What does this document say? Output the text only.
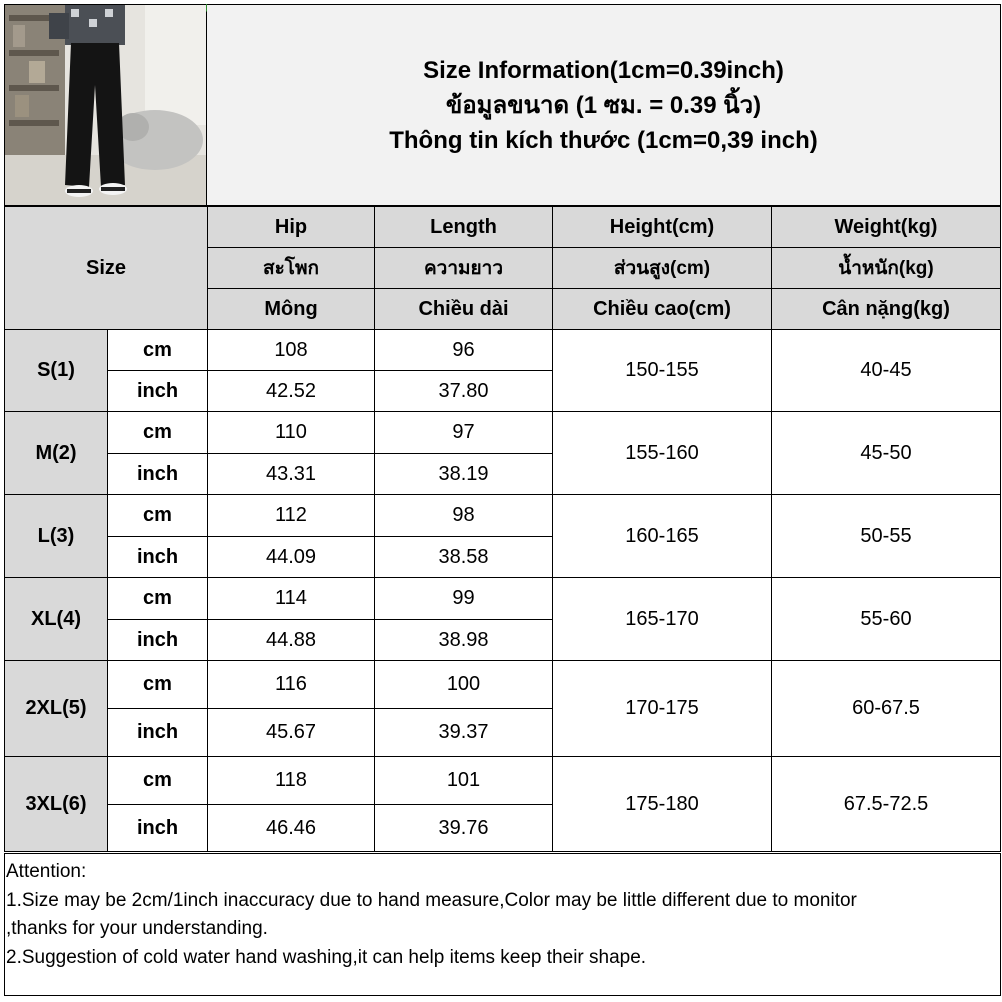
Size Information(1cm=0.39inch)
ข้อมูลขนาด (1 ซม. = 0.39 นิ้ว)
Thông tin kích thước (1cm=0,39 inch)
Size		Hip	Length	Height(cm)	Weight(kg)
		สะโพก	ความยาว	ส่วนสูง(cm)	น้ำหนัก(kg)
		Mông	Chiều dài	Chiều cao(cm)	Cân nặng(kg)
S(1)	cm	108	96	150-155	40-45
	inch	42.52	37.80		
M(2)	cm	110	97	155-160	45-50
	inch	43.31	38.19		
L(3)	cm	112	98	160-165	50-55
	inch	44.09	38.58		
XL(4)	cm	114	99	165-170	55-60
	inch	44.88	38.98		
2XL(5)	cm	116	100	170-175	60-67.5
	inch	45.67	39.37		
3XL(6)	cm	118	101	175-180	67.5-72.5
	inch	46.46	39.76		
Attention:
1.Size may be 2cm/1inch inaccuracy due to hand measure,Color may be little different due to monitor
,thanks for your understanding.
2.Suggestion of cold water hand washing,it can help items keep their shape.
